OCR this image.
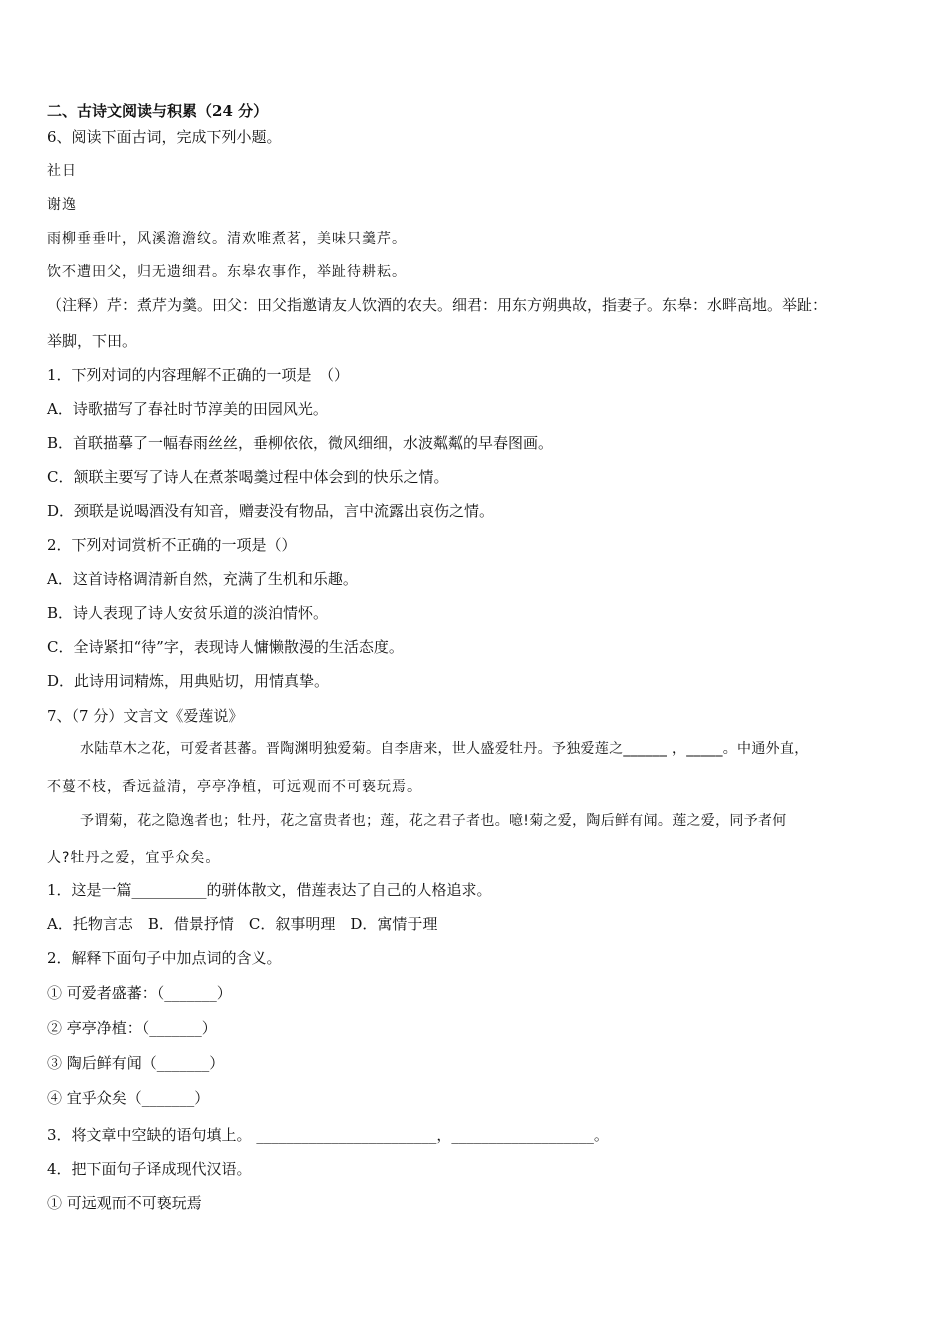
二、古诗文阅读与积累（24 分）
6、阅读下面古词，完成下列小题。
社日
谢逸
雨柳垂垂叶，风溪澹澹纹。清欢唯煮茗，美味只羹芹。
饮不遭田父，归无遗细君。东皋农事作，举趾待耕耘。
（注释）芹：煮芹为羹。田父：田父指邀请友人饮酒的农夫。细君：用东方朔典故，指妻子。东皋：水畔高地。举趾：
举脚，下田。
1．下列对词的内容理解不正确的一项是　（）
A．诗歌描写了春社时节淳美的田园风光。
B．首联描摹了一幅春雨丝丝，垂柳依依，微风细细，水波粼粼的早春图画。
C．颔联主要写了诗人在煮茶喝羹过程中体会到的快乐之情。
D．颈联是说喝酒没有知音，赠妻没有物品，言中流露出哀伤之情。
2．下列对词赏析不正确的一项是（）
A．这首诗格调清新自然，充满了生机和乐趣。
B．诗人表现了诗人安贫乐道的淡泊情怀。
C．全诗紧扣“待”字，表现诗人慵懒散漫的生活态度。
D．此诗用词精炼，用典贴切，用情真挚。
7、（7 分）文言文《爱莲说》
水陆草木之花，可爱者甚蕃。晋陶渊明独爱菊。自李唐来，世人盛爱牡丹。予独爱莲之______ ，_____。中通外直，
不蔓不枝，香远益清，亭亭净植，可远观而不可亵玩焉。
予谓菊，花之隐逸者也；牡丹，花之富贵者也；莲，花之君子者也。噫!菊之爱，陶后鲜有闻。莲之爱，同予者何
人?牡丹之爱，宜乎众矣。
1．这是一篇__________的骈体散文，借莲表达了自己的人格追求。
A．托物言志　B．借景抒情　C．叙事明理　D．寓情于理
2．解释下面句子中加点词的含义。
① 可爱者盛蕃：（_______）
② 亭亭净植：（_______）
③ 陶后鲜有闻（_______）
④ 宜乎众矣（_______）
3．将文章中空缺的语句填上。 ________________________，___________________。
4．把下面句子译成现代汉语。
① 可远观而不可亵玩焉
